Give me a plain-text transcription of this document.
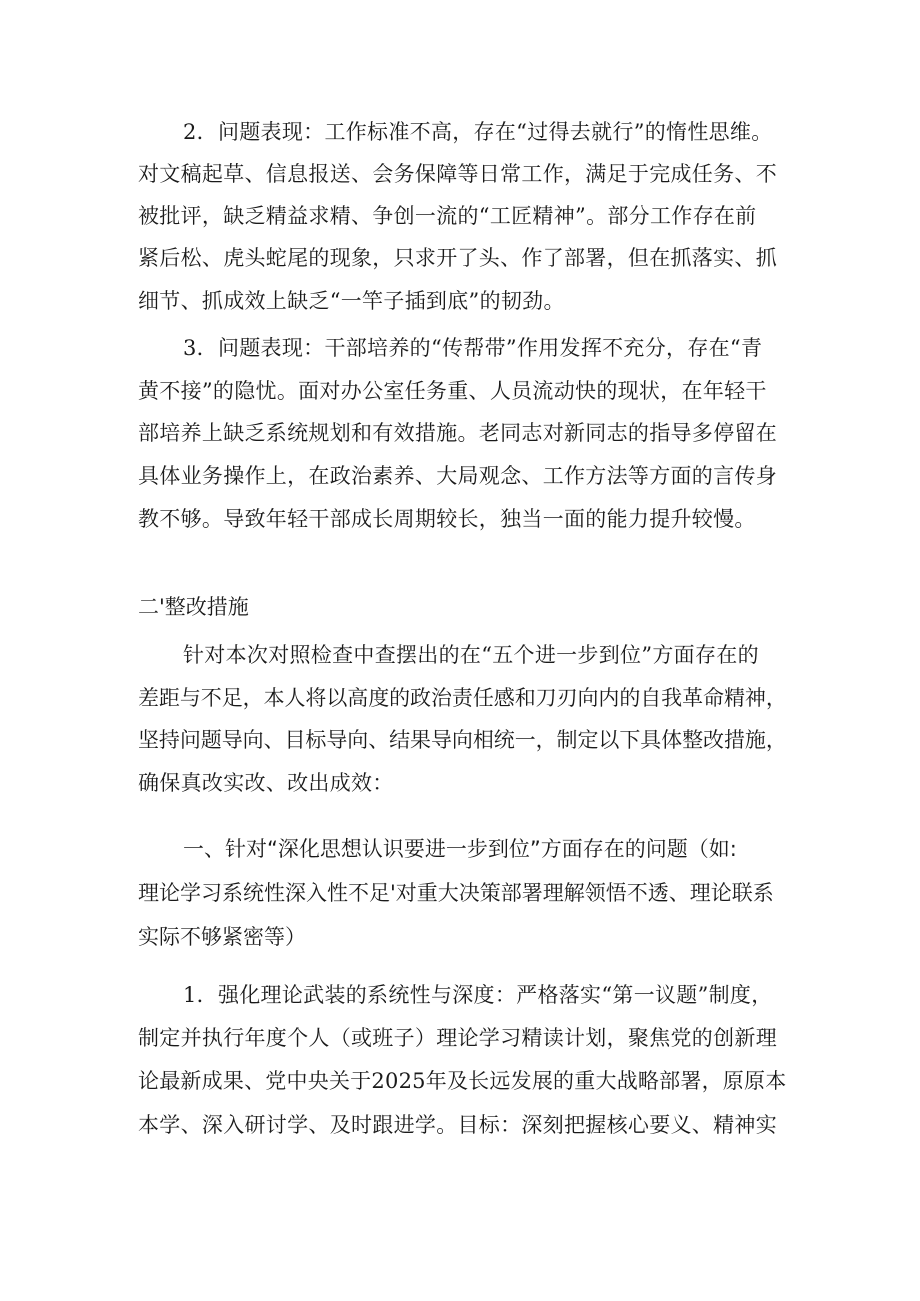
2．问题表现：工作标准不高，存在“过得去就行”的惰性思维。
对文稿起草、信息报送、会务保障等日常工作，满足于完成任务、不
被批评，缺乏精益求精、争创一流的“工匠精神”。部分工作存在前
紧后松、虎头蛇尾的现象，只求开了头、作了部署，但在抓落实、抓
细节、抓成效上缺乏“一竿子插到底”的韧劲。
3．问题表现：干部培养的“传帮带”作用发挥不充分，存在“青
黄不接”的隐忧。面对办公室任务重、人员流动快的现状，在年轻干
部培养上缺乏系统规划和有效措施。老同志对新同志的指导多停留在
具体业务操作上，在政治素养、大局观念、工作方法等方面的言传身
教不够。导致年轻干部成长周期较长，独当一面的能力提升较慢。
二'整改措施
针对本次对照检查中查摆出的在“五个进一步到位”方面存在的
差距与不足，本人将以高度的政治责任感和刀刃向内的自我革命精神，
坚持问题导向、目标导向、结果导向相统一，制定以下具体整改措施，
确保真改实改、改出成效：
一、针对“深化思想认识要进一步到位”方面存在的问题（如:
理论学习系统性深入性不足'对重大决策部署理解领悟不透、理论联系
实际不够紧密等）
1．强化理论武装的系统性与深度：严格落实“第一议题”制度，
制定并执行年度个人（或班子）理论学习精读计划，聚焦党的创新理
论最新成果、党中央关于2025年及长远发展的重大战略部署，原原本
本学、深入研讨学、及时跟进学。目标：深刻把握核心要义、精神实
